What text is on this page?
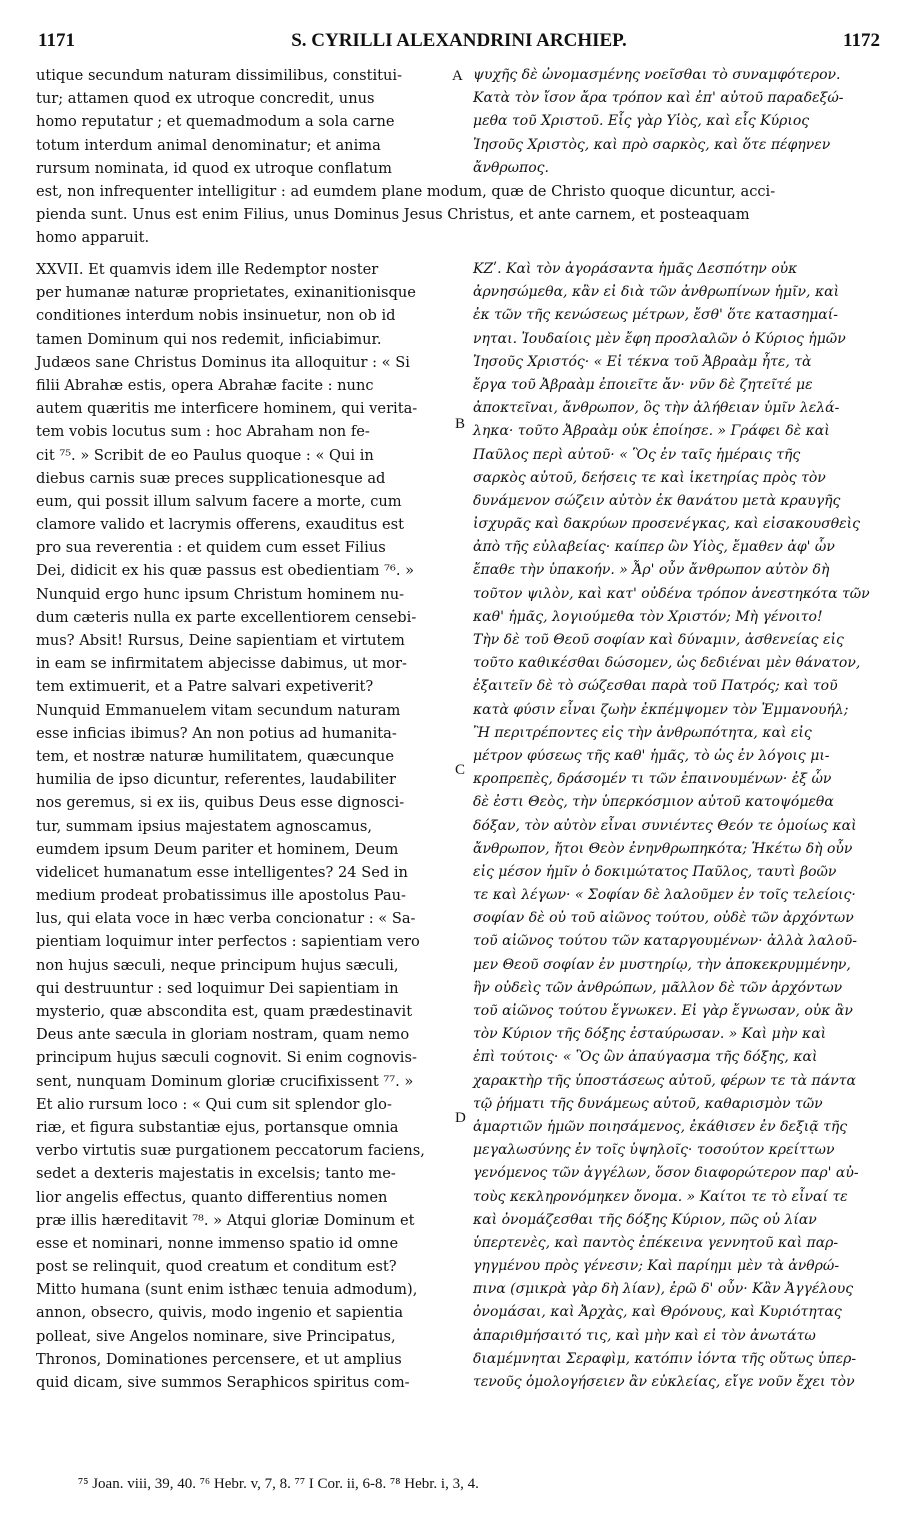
1171	S. CYRILLI ALEXANDRINI ARCHIEP.	1172
utique secundum naturam dissimilibus, constitui-
tur; attamen quod ex utroque concredit, unus
homo reputatur ; et quemadmodum a sola carne
totum interdum animal denominatur; et anima
rursum nominata, id quod ex utroque conflatum
ψυχῆς δὲ ὠνομασμένης νοεῖσθαι τὸ συναμφότερον.
Κατὰ τὸν ἴσον ἄρα τρόπον καὶ ἐπ' αὐτοῦ παραδεξώ-
μεθα τοῦ Χριστοῦ. Εἷς γὰρ Υἱὸς, καὶ εἷς Κύριος
Ἰησοῦς Χριστὸς, καὶ πρὸ σαρκὸς, καὶ ὅτε πέφηνεν
ἄνθρωπος.
est, non infrequenter intelligitur : ad eumdem plane modum, quæ de Christo quoque dicuntur, acci-
pienda sunt. Unus est enim Filius, unus Dominus Jesus Christus, et ante carnem, et posteaquam
homo apparuit.
XXVII. Et quamvis idem ille Redemptor noster
per humanæ naturæ proprietates, exinanitionisque
conditiones interdum nobis insinuetur, non ob id
tamen Dominum qui nos redemit, inficiabimur.
Judæos sane Christus Dominus ita alloquitur : « Si
filii Abrahæ estis, opera Abrahæ facite : nunc
autem quæritis me interficere hominem, qui verita-
tem vobis locutus sum : hoc Abraham non fe-
cit ⁷⁵. » Scribit de eo Paulus quoque : « Qui in
diebus carnis suæ preces supplicationesque ad
eum, qui possit illum salvum facere a morte, cum
clamore valido et lacrymis offerens, exauditus est
pro sua reverentia : et quidem cum esset Filius
Dei, didicit ex his quæ passus est obedientiam ⁷⁶. »
Nunquid ergo hunc ipsum Christum hominem nu-
dum cæteris nulla ex parte excellentiorem censebi-
mus? Absit! Rursus, Deine sapientiam et virtutem
in eam se infirmitatem abjecisse dabimus, ut mor-
tem extimuerit, et a Patre salvari expetiverit?
Nunquid Emmanuelem vitam secundum naturam
esse inficias ibimus? An non potius ad humanita-
tem, et nostræ naturæ humilitatem, quæcunque
humilia de ipso dicuntur, referentes, laudabiliter
nos geremus, si ex iis, quibus Deus esse dignosci-
tur, summam ipsius majestatem agnoscamus,
eumdem ipsum Deum pariter et hominem, Deum
videlicet humanatum esse intelligentes? 24 Sed in
medium prodeat probatissimus ille apostolus Pau-
lus, qui elata voce in hæc verba concionatur : « Sa-
pientiam loquimur inter perfectos : sapientiam vero
non hujus sæculi, neque principum hujus sæculi,
qui destruuntur : sed loquimur Dei sapientiam in
mysterio, quæ abscondita est, quam prædestinavit
Deus ante sæcula in gloriam nostram, quam nemo
principum hujus sæculi cognovit. Si enim cognovis-
sent, nunquam Dominum gloriæ crucifixissent ⁷⁷. »
Et alio rursum loco : « Qui cum sit splendor glo-
riæ, et figura substantiæ ejus, portansque omnia
verbo virtutis suæ purgationem peccatorum faciens,
sedet a dexteris majestatis in excelsis; tanto me-
lior angelis effectus, quanto differentius nomen
præ illis hæreditavit ⁷⁸. » Atqui gloriæ Dominum et
esse et nominari, nonne immenso spatio id omne
post se relinquit, quod creatum et conditum est?
Mitto humana (sunt enim isthæc tenuia admodum),
annon, obsecro, quivis, modo ingenio et sapientia
polleat, sive Angelos nominare, sive Principatus,
Thronos, Dominationes percensere, et ut amplius
quid dicam, sive summos Seraphicos spiritus com-
ΚΖʹ. Καὶ τὸν ἀγοράσαντα ἡμᾶς Δεσπότην οὐκ
ἀρνησώμεθα, κἂν εἰ διὰ τῶν ἀνθρωπίνων ἡμῖν, καὶ
ἐκ τῶν τῆς κενώσεως μέτρων, ἔσθ' ὅτε κατασημαί-
νηται. Ἰουδαίοις μὲν ἔφη προσλαλῶν ὁ Κύριος ἡμῶν
Ἰησοῦς Χριστός· « Εἰ τέκνα τοῦ Ἀβραὰμ ἦτε, τὰ
ἔργα τοῦ Ἀβραὰμ ἐποιεῖτε ἄν· νῦν δὲ ζητεῖτέ με
ἀποκτεῖναι, ἄνθρωπον, ὃς τὴν ἀλήθειαν ὑμῖν λελά-
ληκα· τοῦτο Ἀβραὰμ οὐκ ἐποίησε. » Γράφει δὲ καὶ
Παῦλος περὶ αὐτοῦ· « Ὃς ἐν ταῖς ἡμέραις τῆς
σαρκὸς αὐτοῦ, δεήσεις τε καὶ ἱκετηρίας πρὸς τὸν
δυνάμενον σώζειν αὐτὸν ἐκ θανάτου μετὰ κραυγῆς
ἰσχυρᾶς καὶ δακρύων προσενέγκας, καὶ εἰσακουσθεὶς
ἀπὸ τῆς εὐλαβείας· καίπερ ὢν Υἱὸς, ἔμαθεν ἀφ' ὧν
ἔπαθε τὴν ὑπακοήν. » Ἆρ' οὖν ἄνθρωπον αὐτὸν δὴ
τοῦτον ψιλὸν, καὶ κατ' οὐδένα τρόπον ἀνεστηκότα τῶν
καθ' ἡμᾶς, λογιούμεθα τὸν Χριστόν; Μὴ γένοιτο!
Τὴν δὲ τοῦ Θεοῦ σοφίαν καὶ δύναμιν, ἀσθενείας εἰς
τοῦτο καθικέσθαι δώσομεν, ὡς δεδιέναι μὲν θάνατον,
ἐξαιτεῖν δὲ τὸ σώζεσθαι παρὰ τοῦ Πατρός; καὶ τοῦ
κατὰ φύσιν εἶναι ζωὴν ἐκπέμψομεν τὸν Ἐμμανουήλ;
Ἢ περιτρέποντες εἰς τὴν ἀνθρωπότητα, καὶ εἰς
μέτρον φύσεως τῆς καθ' ἡμᾶς, τὸ ὡς ἐν λόγοις μι-
κροπρεπὲς, δράσομέν τι τῶν ἐπαινουμένων· ἐξ ὧν
δὲ ἐστι Θεὸς, τὴν ὑπερκόσμιον αὐτοῦ κατοψόμεθα
δόξαν, τὸν αὐτὸν εἶναι συνιέντες Θεόν τε ὁμοίως καὶ
ἄνθρωπον, ἤτοι Θεὸν ἐνηνθρωπηκότα; Ἡκέτω δὴ οὖν
εἰς μέσον ἡμῖν ὁ δοκιμώτατος Παῦλος, ταυτὶ βοῶν
τε καὶ λέγων· « Σοφίαν δὲ λαλοῦμεν ἐν τοῖς τελείοις·
σοφίαν δὲ οὐ τοῦ αἰῶνος τούτου, οὐδὲ τῶν ἀρχόντων
τοῦ αἰῶνος τούτου τῶν καταργουμένων· ἀλλὰ λαλοῦ-
μεν Θεοῦ σοφίαν ἐν μυστηρίῳ, τὴν ἀποκεκρυμμένην,
ἣν οὐδεὶς τῶν ἀνθρώπων, μᾶλλον δὲ τῶν ἀρχόντων
τοῦ αἰῶνος τούτου ἔγνωκεν. Εἰ γὰρ ἔγνωσαν, οὐκ ἂν
τὸν Κύριον τῆς δόξης ἐσταύρωσαν. » Καὶ μὴν καὶ
ἐπὶ τούτοις· « Ὃς ὢν ἀπαύγασμα τῆς δόξης, καὶ
χαρακτὴρ τῆς ὑποστάσεως αὐτοῦ, φέρων τε τὰ πάντα
τῷ ῥήματι τῆς δυνάμεως αὐτοῦ, καθαρισμὸν τῶν
ἁμαρτιῶν ἡμῶν ποιησάμενος, ἐκάθισεν ἐν δεξιᾷ τῆς
μεγαλωσύνης ἐν τοῖς ὑψηλοῖς· τοσούτον κρείττων
γενόμενος τῶν ἀγγέλων, ὅσον διαφορώτερον παρ' αὐ-
τοὺς κεκληρονόμηκεν ὄνομα. » Καίτοι τε τὸ εἶναί τε
καὶ ὀνομάζεσθαι τῆς δόξης Κύριον, πῶς οὐ λίαν
ὑπερτενὲς, καὶ παντὸς ἐπέκεινα γεννητοῦ καὶ παρ-
γηγμένου πρὸς γένεσιν; Καὶ παρίημι μὲν τὰ ἀνθρώ-
πινα (σμικρὰ γὰρ δὴ λίαν), ἐρῶ δ' οὖν· Κἂν Ἀγγέλους
ὀνομάσαι, καὶ Ἀρχὰς, καὶ Θρόνους, καὶ Κυριότητας
ἀπαριθμήσαιτό τις, καὶ μὴν καὶ εἰ τὸν ἀνωτάτω
διαμέμνηται Σεραφὶμ, κατόπιν ἰόντα τῆς οὕτως ὑπερ-
τενοῦς ὁμολογήσειεν ἂν εὐκλείας, εἴγε νοῦν ἔχει τὸν
A
B
C
D
⁷⁵ Joan. viii, 39, 40. ⁷⁶ Hebr. v, 7, 8. ⁷⁷ I Cor. ii, 6-8. ⁷⁸ Hebr. i, 3, 4.
